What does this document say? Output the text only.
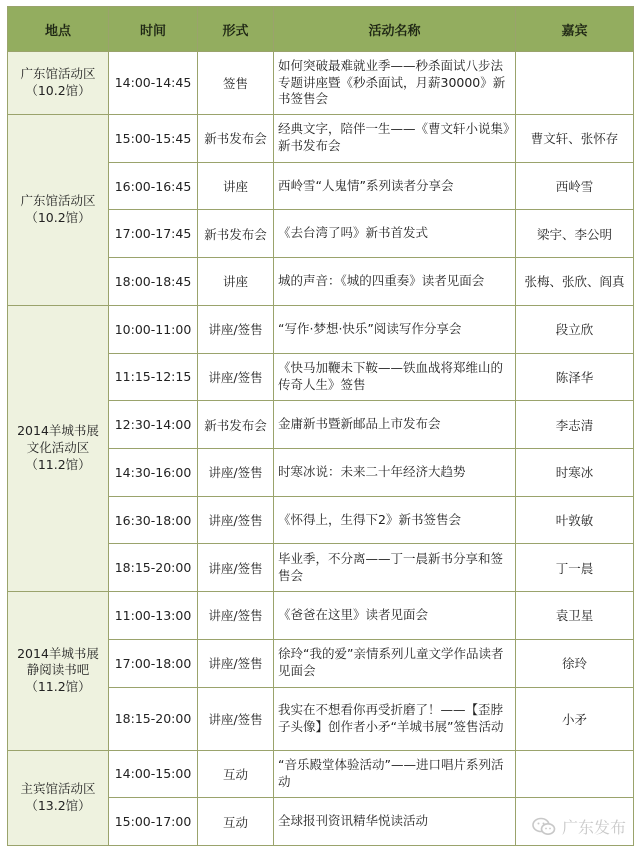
地点	时间	形式	活动名称	嘉宾

广东馆活动区
（10.2馆）	14:00-14:45	签售	如何突破最难就业季——秒杀面试八步法专题讲座暨《秒杀面试，月薪30000》新书签售会	

广东馆活动区
（10.2馆）	15:00-15:45	新书发布会	经典文字，陪伴一生——《曹文轩小说集》新书发布会	曹文轩、张怀存
	16:00-16:45	讲座	西岭雪“人鬼情”系列读者分享会	西岭雪
	17:00-17:45	新书发布会	《去台湾了吗》新书首发式	梁宇、李公明
	18:00-18:45	讲座	城的声音：《城的四重奏》读者见面会	张梅、张欣、阎真

2014羊城书展
文化活动区
（11.2馆）	10:00-11:00	讲座/签售	“写作·梦想·快乐”阅读写作分享会	段立欣
	11:15-12:15	讲座/签售	《快马加鞭未下鞍——铁血战将郑维山的传奇人生》签售	陈泽华
	12:30-14:00	新书发布会	金庸新书暨新邮品上市发布会	李志清
	14:30-16:00	讲座/签售	时寒冰说：未来二十年经济大趋势	时寒冰
	16:30-18:00	讲座/签售	《怀得上，生得下2》新书签售会	叶敦敏
	18:15-20:00	讲座/签售	毕业季，不分离——丁一晨新书分享和签售会	丁一晨

2014羊城书展
静阅读书吧
（11.2馆）	11:00-13:00	讲座/签售	《爸爸在这里》读者见面会	袁卫星
	17:00-18:00	讲座/签售	徐玲“我的爱”亲情系列儿童文学作品读者见面会	徐玲
	18:15-20:00	讲座/签售	我实在不想看你再受折磨了！——【歪脖子头像】创作者小矛“羊城书展”签售活动	小矛

主宾馆活动区
（13.2馆）	14:00-15:00	互动	“音乐殿堂体验活动”——进口唱片系列活动	
	15:00-17:00	互动	全球报刊资讯精华悦读活动		广东发布
